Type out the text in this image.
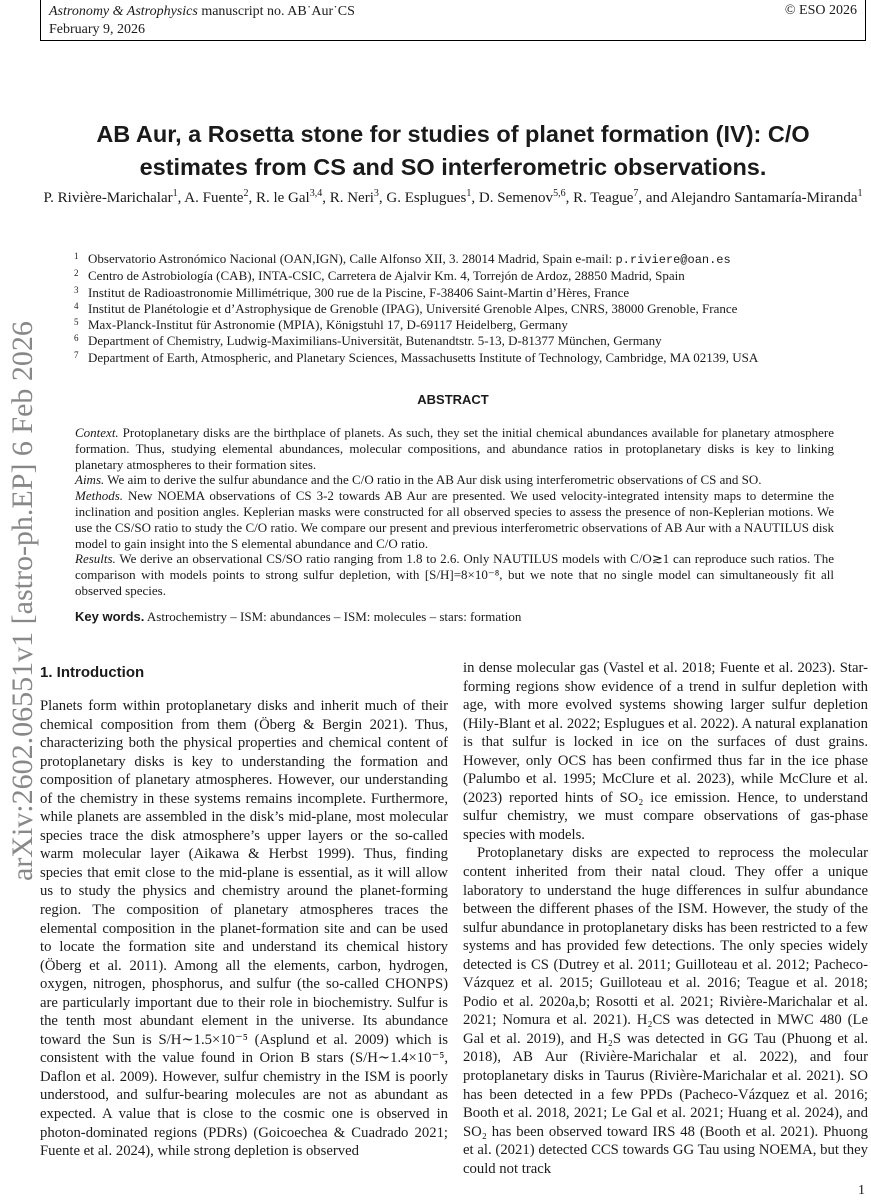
Astronomy & Astrophysics manuscript no. AB˙Aur˙CS
February 9, 2026
© ESO 2026
arXiv:2602.06551v1 [astro-ph.EP] 6 Feb 2026
AB Aur, a Rosetta stone for studies of planet formation (IV): C/O estimates from CS and SO interferometric observations.
P. Rivière-Marichalar$^1$, A. Fuente$^2$, R. le Gal$^{3,4}$, R. Neri$^3$, G. Esplugues$^1$, D. Semenov$^{5,6}$, R. Teague$^7$, and Alejandro Santamaría-Miranda$^1$
1 Observatorio Astronómico Nacional (OAN,IGN), Calle Alfonso XII, 3. 28014 Madrid, Spain e-mail: p.riviere@oan.es
2 Centro de Astrobiología (CAB), INTA-CSIC, Carretera de Ajalvir Km. 4, Torrejón de Ardoz, 28850 Madrid, Spain
3 Institut de Radioastronomie Millimétrique, 300 rue de la Piscine, F-38406 Saint-Martin d’Hères, France
4 Institut de Planétologie et d’Astrophysique de Grenoble (IPAG), Université Grenoble Alpes, CNRS, 38000 Grenoble, France
5 Max-Planck-Institut für Astronomie (MPIA), Königstuhl 17, D-69117 Heidelberg, Germany
6 Department of Chemistry, Ludwig-Maximilians-Universität, Butenandtstr. 5-13, D-81377 München, Germany
7 Department of Earth, Atmospheric, and Planetary Sciences, Massachusetts Institute of Technology, Cambridge, MA 02139, USA
ABSTRACT

Context. Protoplanetary disks are the birthplace of planets. As such, they set the initial chemical abundances available for planetary atmosphere formation. Thus, studying elemental abundances, molecular compositions, and abundance ratios in protoplanetary disks is key to linking planetary atmospheres to their formation sites.

Aims. We aim to derive the sulfur abundance and the C/O ratio in the AB Aur disk using interferometric observations of CS and SO.

Methods. New NOEMA observations of CS 3-2 towards AB Aur are presented. We used velocity-integrated intensity maps to determine the inclination and position angles. Keplerian masks were constructed for all observed species to assess the presence of non-Keplerian motions. We use the CS/SO ratio to study the C/O ratio. We compare our present and previous interferometric observations of AB Aur with a NAUTILUS disk model to gain insight into the S elemental abundance and C/O ratio.

Results. We derive an observational CS/SO ratio ranging from 1.8 to 2.6. Only NAUTILUS models with C/O≳1 can reproduce such ratios. The comparison with models points to strong sulfur depletion, with [S/H]=8×10⁻⁸, but we note that no single model can simultaneously fit all observed species.

Key words. Astrochemistry – ISM: abundances – ISM: molecules – stars: formation
1. Introduction

Planets form within protoplanetary disks and inherit much of their chemical composition from them (Öberg & Bergin 2021). Thus, characterizing both the physical properties and chemical content of protoplanetary disks is key to understanding the formation and composition of planetary atmospheres. However, our understanding of the chemistry in these systems remains incomplete. Furthermore, while planets are assembled in the disk’s mid-plane, most molecular species trace the disk atmosphere’s upper layers or the so-called warm molecular layer (Aikawa & Herbst 1999). Thus, finding species that emit close to the mid-plane is essential, as it will allow us to study the physics and chemistry around the planet-forming region. The composition of planetary atmospheres traces the elemental composition in the planet-formation site and can be used to locate the formation site and understand its chemical history (Öberg et al. 2011). Among all the elements, carbon, hydrogen, oxygen, nitrogen, phosphorus, and sulfur (the so-called CHONPS) are particularly important due to their role in biochemistry. Sulfur is the tenth most abundant element in the universe. Its abundance toward the Sun is S/H∼1.5×10⁻⁵ (Asplund et al. 2009) which is consistent with the value found in Orion B stars (S/H∼1.4×10⁻⁵, Daflon et al. 2009). However, sulfur chemistry in the ISM is poorly understood, and sulfur-bearing molecules are not as abundant as expected. A value that is close to the cosmic one is observed in photon-dominated regions (PDRs) (Goicoechea & Cuadrado 2021; Fuente et al. 2024), while strong depletion is observed

in dense molecular gas (Vastel et al. 2018; Fuente et al. 2023). Star-forming regions show evidence of a trend in sulfur depletion with age, with more evolved systems showing larger sulfur depletion (Hily-Blant et al. 2022; Esplugues et al. 2022). A natural explanation is that sulfur is locked in ice on the surfaces of dust grains. However, only OCS has been confirmed thus far in the ice phase (Palumbo et al. 1995; McClure et al. 2023), while McClure et al. (2023) reported hints of SO₂ ice emission. Hence, to understand sulfur chemistry, we must compare observations of gas-phase species with models.

Protoplanetary disks are expected to reprocess the molecular content inherited from their natal cloud. They offer a unique laboratory to understand the huge differences in sulfur abundance between the different phases of the ISM. However, the study of the sulfur abundance in protoplanetary disks has been restricted to a few systems and has provided few detections. The only species widely detected is CS (Dutrey et al. 2011; Guilloteau et al. 2012; Pacheco-Vázquez et al. 2015; Guilloteau et al. 2016; Teague et al. 2018; Podio et al. 2020a,b; Rosotti et al. 2021; Rivière-Marichalar et al. 2021; Nomura et al. 2021). H₂CS was detected in MWC 480 (Le Gal et al. 2019), and H₂S was detected in GG Tau (Phuong et al. 2018), AB Aur (Rivière-Marichalar et al. 2022), and four protoplanetary disks in Taurus (Rivière-Marichalar et al. 2021). SO has been detected in a few PPDs (Pacheco-Vázquez et al. 2016; Booth et al. 2018, 2021; Le Gal et al. 2021; Huang et al. 2024), and SO₂ has been observed toward IRS 48 (Booth et al. 2021). Phuong et al. (2021) detected CCS towards GG Tau using NOEMA, but they could not track

1
